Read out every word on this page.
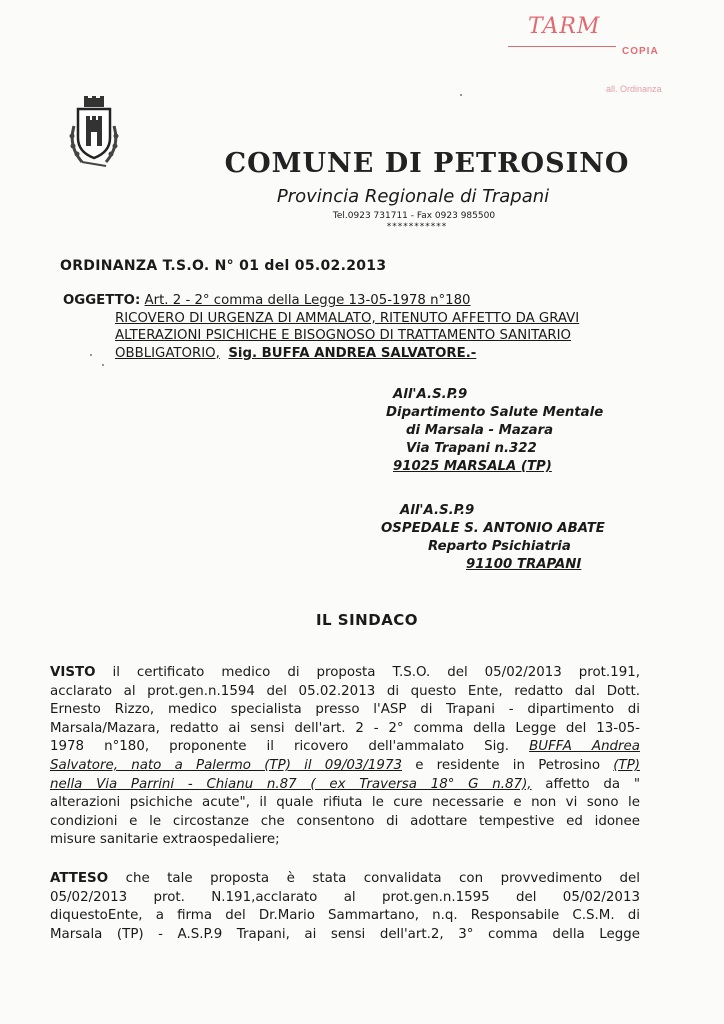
TARM
COPIA
all. Ordinanza
COMUNE DI PETROSINO
Provincia Regionale di Trapani
Tel.0923 731711 - Fax 0923 985500
***********
ORDINANZA T.S.O. N° 01 del 05.02.2013
OGGETTO: Art. 2 - 2° comma della Legge 13-05-1978 n°180
RICOVERO DI URGENZA DI AMMALATO, RITENUTO AFFETTO DA GRAVI
ALTERAZIONI PSICHICHE E BISOGNOSO DI TRATTAMENTO SANITARIO
OBBLIGATORIO, Sig. BUFFA ANDREA SALVATORE.-
All'A.S.P.9
Dipartimento Salute Mentale
di Marsala - Mazara
Via Trapani n.322
91025 MARSALA (TP)
All'A.S.P.9
OSPEDALE S. ANTONIO ABATE
Reparto Psichiatria
91100 TRAPANI
IL SINDACO
VISTO il certificato medico di proposta T.S.O. del 05/02/2013 prot.191,
acclarato al prot.gen.n.1594 del 05.02.2013 di questo Ente, redatto dal Dott.
Ernesto Rizzo, medico specialista presso l'ASP di Trapani - dipartimento di
Marsala/Mazara, redatto ai sensi dell'art. 2 - 2° comma della Legge del 13-05-
1978 n°180, proponente il ricovero dell'ammalato Sig. BUFFA Andrea
Salvatore, nato a Palermo (TP) il 09/03/1973 e residente in Petrosino (TP)
nella Via Parrini - Chianu n.87 ( ex Traversa 18° G n.87), affetto da "
alterazioni psichiche acute", il quale rifiuta le cure necessarie e non vi sono le
condizioni e le circostanze che consentono di adottare tempestive ed idonee
misure sanitarie extraospedaliere;
ATTESO che tale proposta è stata convalidata con provvedimento del
05/02/2013 prot. N.191,acclarato al prot.gen.n.1595 del 05/02/2013
diquestoEnte, a firma del Dr.Mario Sammartano, n.q. Responsabile C.S.M. di
Marsala (TP) - A.S.P.9 Trapani, ai sensi dell'art.2, 3° comma della Legge
